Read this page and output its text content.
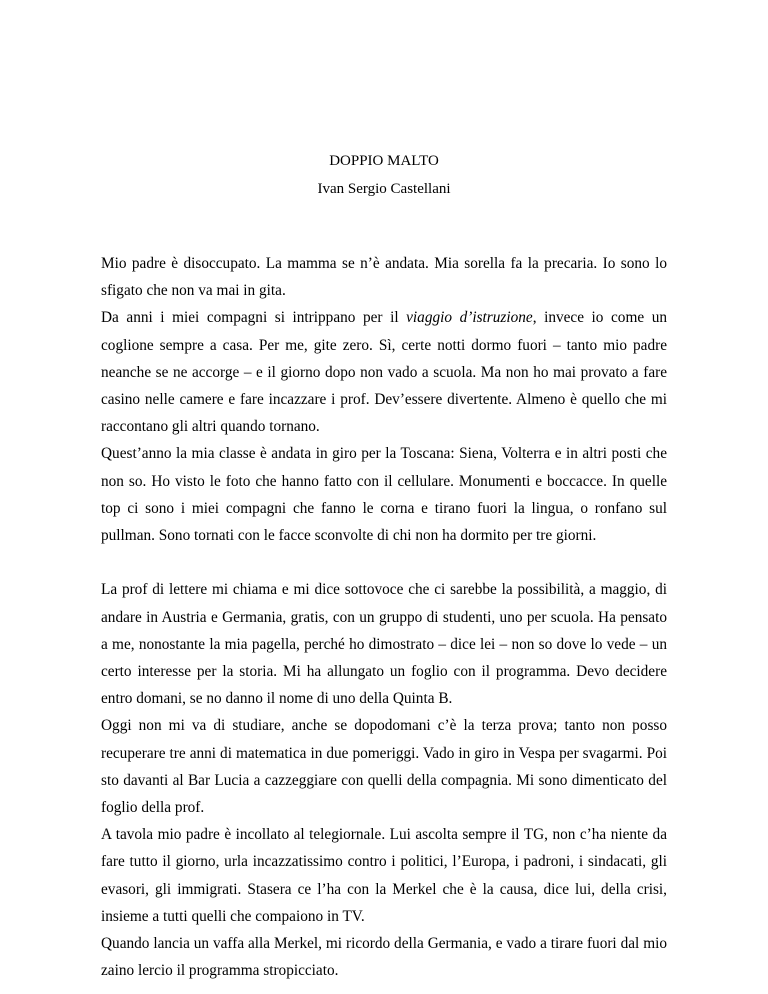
DOPPIO MALTO
Ivan Sergio Castellani

Mio padre è disoccupato. La mamma se n’è andata. Mia sorella fa la precaria. Io sono lo sfigato che non va mai in gita.

Da anni i miei compagni si intrippano per il viaggio d’istruzione, invece io come un coglione sempre a casa. Per me, gite zero. Sì, certe notti dormo fuori – tanto mio padre neanche se ne accorge – e il giorno dopo non vado a scuola. Ma non ho mai provato a fare casino nelle camere e fare incazzare i prof. Dev’essere divertente. Almeno è quello che mi raccontano gli altri quando tornano.

Quest’anno la mia classe è andata in giro per la Toscana: Siena, Volterra e in altri posti che non so. Ho visto le foto che hanno fatto con il cellulare. Monumenti e boccacce. In quelle top ci sono i miei compagni che fanno le corna e tirano fuori la lingua, o ronfano sul pullman. Sono tornati con le facce sconvolte di chi non ha dormito per tre giorni.

La prof di lettere mi chiama e mi dice sottovoce che ci sarebbe la possibilità, a maggio, di andare in Austria e Germania, gratis, con un gruppo di studenti, uno per scuola. Ha pensato a me, nonostante la mia pagella, perché ho dimostrato – dice lei – non so dove lo vede – un certo interesse per la storia. Mi ha allungato un foglio con il programma. Devo decidere entro domani, se no danno il nome di uno della Quinta B.

Oggi non mi va di studiare, anche se dopodomani c’è la terza prova; tanto non posso recuperare tre anni di matematica in due pomeriggi. Vado in giro in Vespa per svagarmi. Poi sto davanti al Bar Lucia a cazzeggiare con quelli della compagnia. Mi sono dimenticato del foglio della prof.

A tavola mio padre è incollato al telegiornale. Lui ascolta sempre il TG, non c’ha niente da fare tutto il giorno, urla incazzatissimo contro i politici, l’Europa, i padroni, i sindacati, gli evasori, gli immigrati. Stasera ce l’ha con la Merkel che è la causa, dice lui, della crisi, insieme a tutti quelli che compaiono in TV.

Quando lancia un vaffa alla Merkel, mi ricordo della Germania, e vado a tirare fuori dal mio zaino lercio il programma stropicciato.
